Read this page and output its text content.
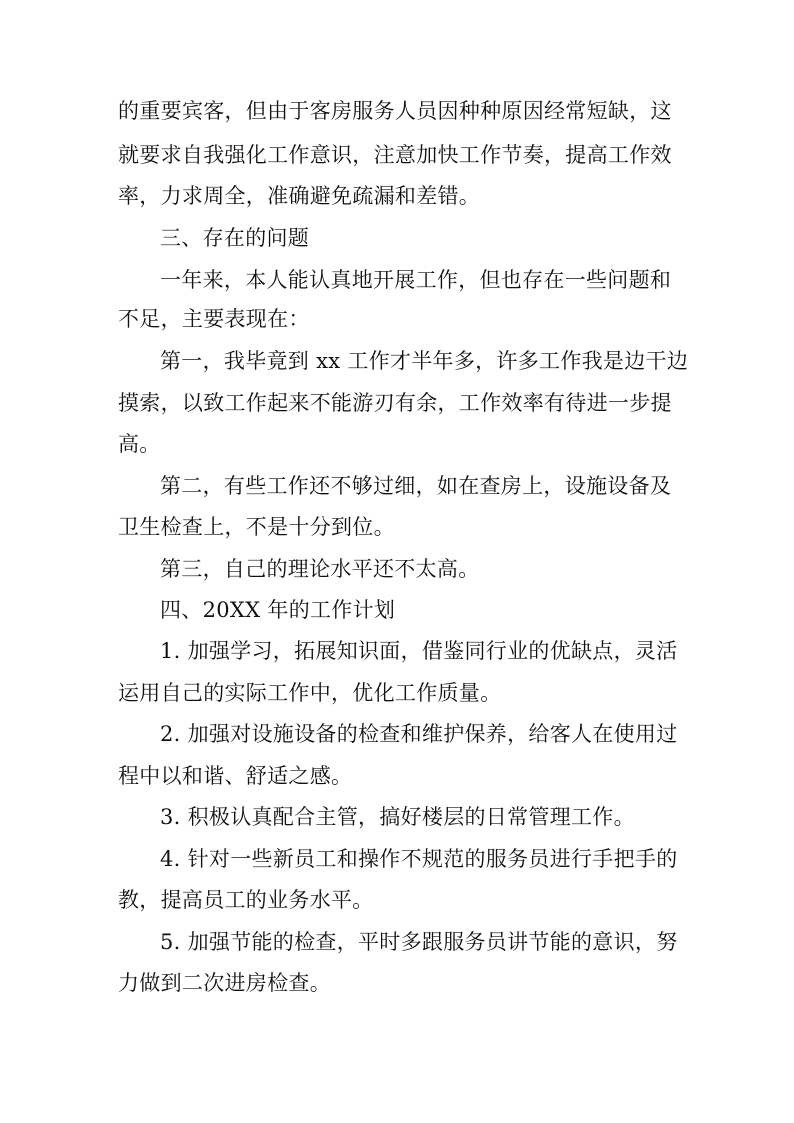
的重要宾客，但由于客房服务人员因种种原因经常短缺，这
就要求自我强化工作意识，注意加快工作节奏，提高工作效
率，力求周全，准确避免疏漏和差错。
三、存在的问题
一年来，本人能认真地开展工作，但也存在一些问题和
不足，主要表现在：
第一，我毕竟到 xx 工作才半年多，许多工作我是边干边
摸索，以致工作起来不能游刃有余，工作效率有待进一步提
高。
第二，有些工作还不够过细，如在查房上，设施设备及
卫生检查上，不是十分到位。
第三，自己的理论水平还不太高。
四、20XX 年的工作计划
1. 加强学习，拓展知识面，借鉴同行业的优缺点，灵活
运用自己的实际工作中，优化工作质量。
2. 加强对设施设备的检查和维护保养，给客人在使用过
程中以和谐、舒适之感。
3. 积极认真配合主管，搞好楼层的日常管理工作。
4. 针对一些新员工和操作不规范的服务员进行手把手的
教，提高员工的业务水平。
5. 加强节能的检查，平时多跟服务员讲节能的意识，努
力做到二次进房检查。
